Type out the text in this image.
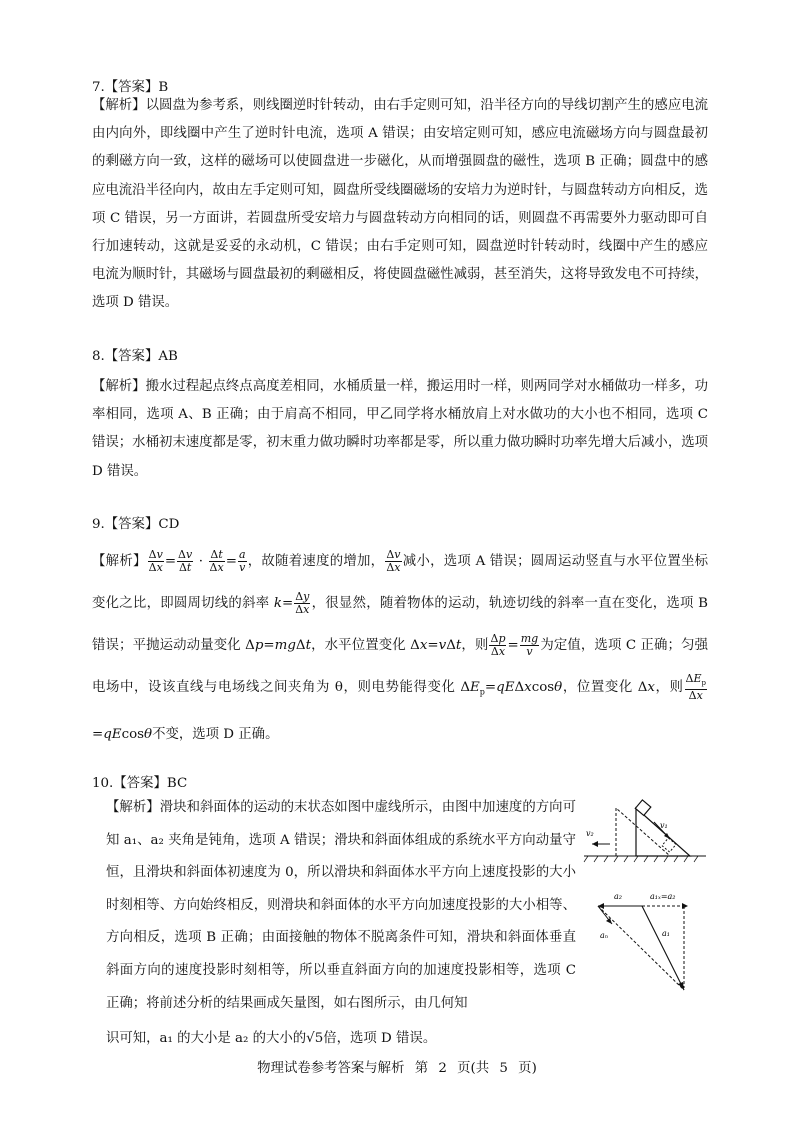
7.【答案】B
【解析】以圆盘为参考系，则线圈逆时针转动，由右手定则可知，沿半径方向的导线切割产生的感应电流由内向外，即线圈中产生了逆时针电流，选项 A 错误；由安培定则可知，感应电流磁场方向与圆盘最初的剩磁方向一致，这样的磁场可以使圆盘进一步磁化，从而增强圆盘的磁性，选项 B 正确；圆盘中的感应电流沿半径向内，故由左手定则可知，圆盘所受线圈磁场的安培力为逆时针，与圆盘转动方向相反，选项 C 错误，另一方面讲，若圆盘所受安培力与圆盘转动方向相同的话，则圆盘不再需要外力驱动即可自行加速转动，这就是妥妥的永动机，C 错误；由右手定则可知，圆盘逆时针转动时，线圈中产生的感应电流为顺时针，其磁场与圆盘最初的剩磁相反，将使圆盘磁性减弱，甚至消失，这将导致发电不可持续，选项 D 错误。
8.【答案】AB
【解析】搬水过程起点终点高度差相同，水桶质量一样，搬运用时一样，则两同学对水桶做功一样多，功率相同，选项 A、B 正确；由于肩高不相同，甲乙同学将水桶放肩上对水做功的大小也不相同，选项 C 错误；水桶初末速度都是零，初末重力做功瞬时功率都是零，所以重力做功瞬时功率先增大后减小，选项 D 错误。
9.【答案】CD
【解析】 $\frac{\Delta v}{\Delta x} = \frac{\Delta v}{\Delta t} \cdot \frac{\Delta t}{\Delta x} = \frac{a}{v}$ ，故随着速度的增加， $\frac{\Delta v}{\Delta x}$ 减小，选项 A 错误；圆周运动竖直与水平位置坐标变化之比，即圆周切线的斜率 $k= \frac{\Delta y}{\Delta x}$ ，很显然，随着物体的运动，轨迹切线的斜率一直在变化，选项 B 错误；平抛运动动量变化 Δp=mgΔt，水平位置变化 Δx=vΔt，则 $\frac{\Delta p}{\Delta x} = \frac{mg}{v}$ 为定值，选项 C 正确；匀强电场中，设该直线与电场线之间夹角为 θ，则电势能得变化 $\Delta E_p=qE\Delta xcos\theta$，位置变化 Δx，则 $\frac{\Delta E_p}{\Delta x}$
=qEcosθ不变，选项 D 正确。
10.【答案】BC
【解析】滑块和斜面体的运动的末状态如图中虚线所示，由图中加速度的方向可知 a₁、a₂ 夹角是钝角，选项 A 错误；滑块和斜面体组成的系统水平方向动量守恒，且滑块和斜面体初速度为 0，所以滑块和斜面体水平方向上速度投影的大小时刻相等、方向始终相反，则滑块和斜面体的水平方向加速度投影的大小相等、方向相反，选项 B 正确；由面接触的物体不脱离条件可知，滑块和斜面体垂直斜面方向的速度投影时刻相等，所以垂直斜面方向的加速度投影相等，选项 C 正确；将前述分析的结果画成矢量图，如右图所示，由几何知
识可知，a₁ 的大小是 a₂ 的大小的√5倍，选项 D 错误。
v₁
v₂
a₂	a₁ₓ=a₂
aₙ	a₁
物理试卷参考答案与解析 第 2 页(共 5 页)
